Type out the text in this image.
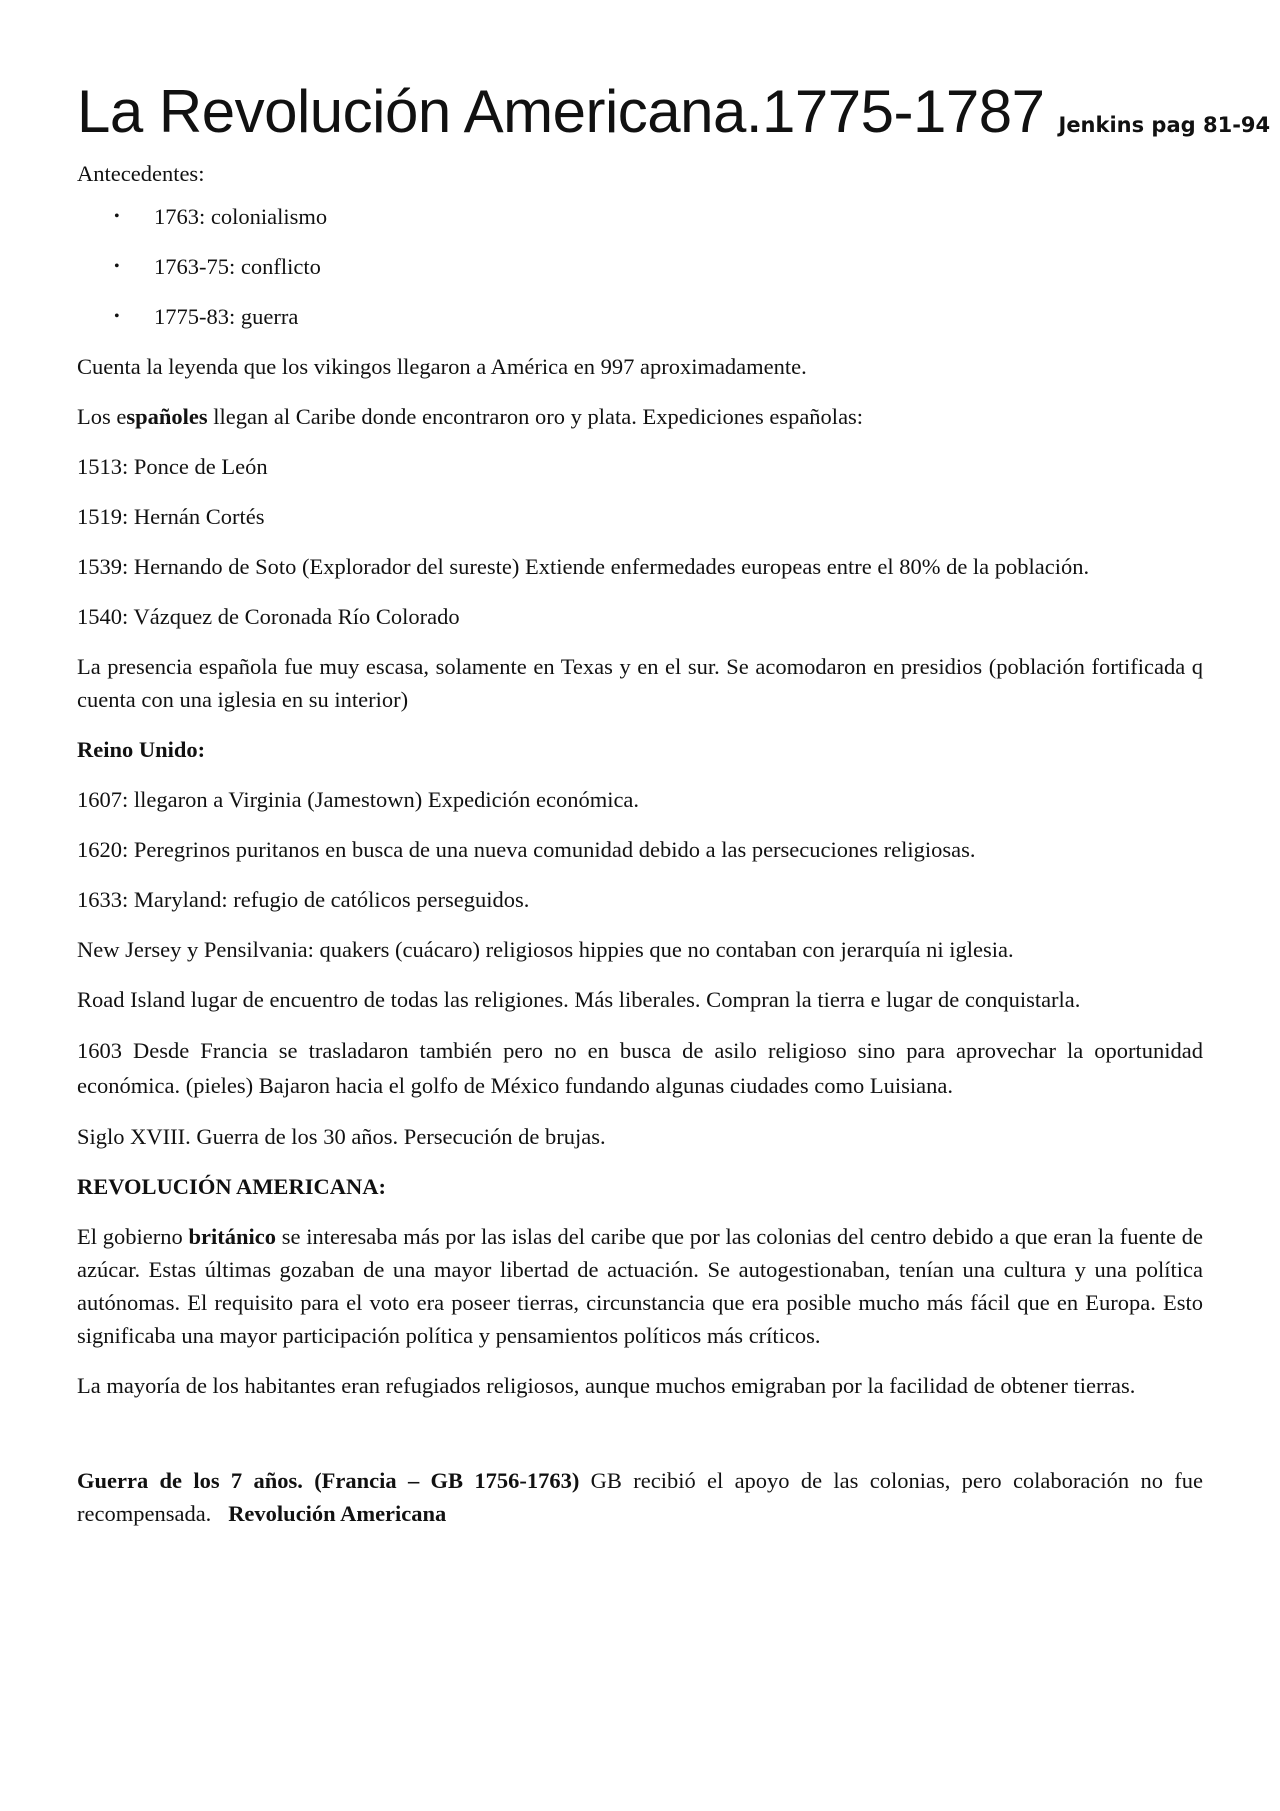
La Revolución Americana.1775-1787 Jenkins pag 81-94

Antecedentes:

• 1763: colonialismo
• 1763-75: conflicto
• 1775-83: guerra

Cuenta la leyenda que los vikingos llegaron a América en 997 aproximadamente.

Los españoles llegan al Caribe donde encontraron oro y plata. Expediciones españolas:

1513: Ponce de León

1519: Hernán Cortés

1539: Hernando de Soto (Explorador del sureste) Extiende enfermedades europeas entre el 80% de la población.

1540: Vázquez de Coronada Río Colorado

La presencia española fue muy escasa, solamente en Texas y en el sur. Se acomodaron en presidios (población fortificada q cuenta con una iglesia en su interior)

Reino Unido:

1607: llegaron a Virginia (Jamestown) Expedición económica.

1620: Peregrinos puritanos en busca de una nueva comunidad debido a las persecuciones religiosas.

1633: Maryland: refugio de católicos perseguidos.

New Jersey y Pensilvania: quakers (cuácaro) religiosos hippies que no contaban con jerarquía ni iglesia.

Road Island lugar de encuentro de todas las religiones. Más liberales. Compran la tierra e lugar de conquistarla.

1603 Desde Francia se trasladaron también pero no en busca de asilo religioso sino para aprovechar la oportunidad económica. (pieles) Bajaron hacia el golfo de México fundando algunas ciudades como Luisiana.

Siglo XVIII. Guerra de los 30 años. Persecución de brujas.

REVOLUCIÓN AMERICANA:

El gobierno británico se interesaba más por las islas del caribe que por las colonias del centro debido a que eran la fuente de azúcar. Estas últimas gozaban de una mayor libertad de actuación. Se autogestionaban, tenían una cultura y una política autónomas. El requisito para el voto era poseer tierras, circunstancia que era posible mucho más fácil que en Europa. Esto significaba una mayor participación política y pensamientos políticos más críticos.

La mayoría de los habitantes eran refugiados religiosos, aunque muchos emigraban por la facilidad de obtener tierras.

Guerra de los 7 años. (Francia – GB 1756-1763) GB recibió el apoyo de las colonias, pero colaboración no fue recompensada.   Revolución Americana
